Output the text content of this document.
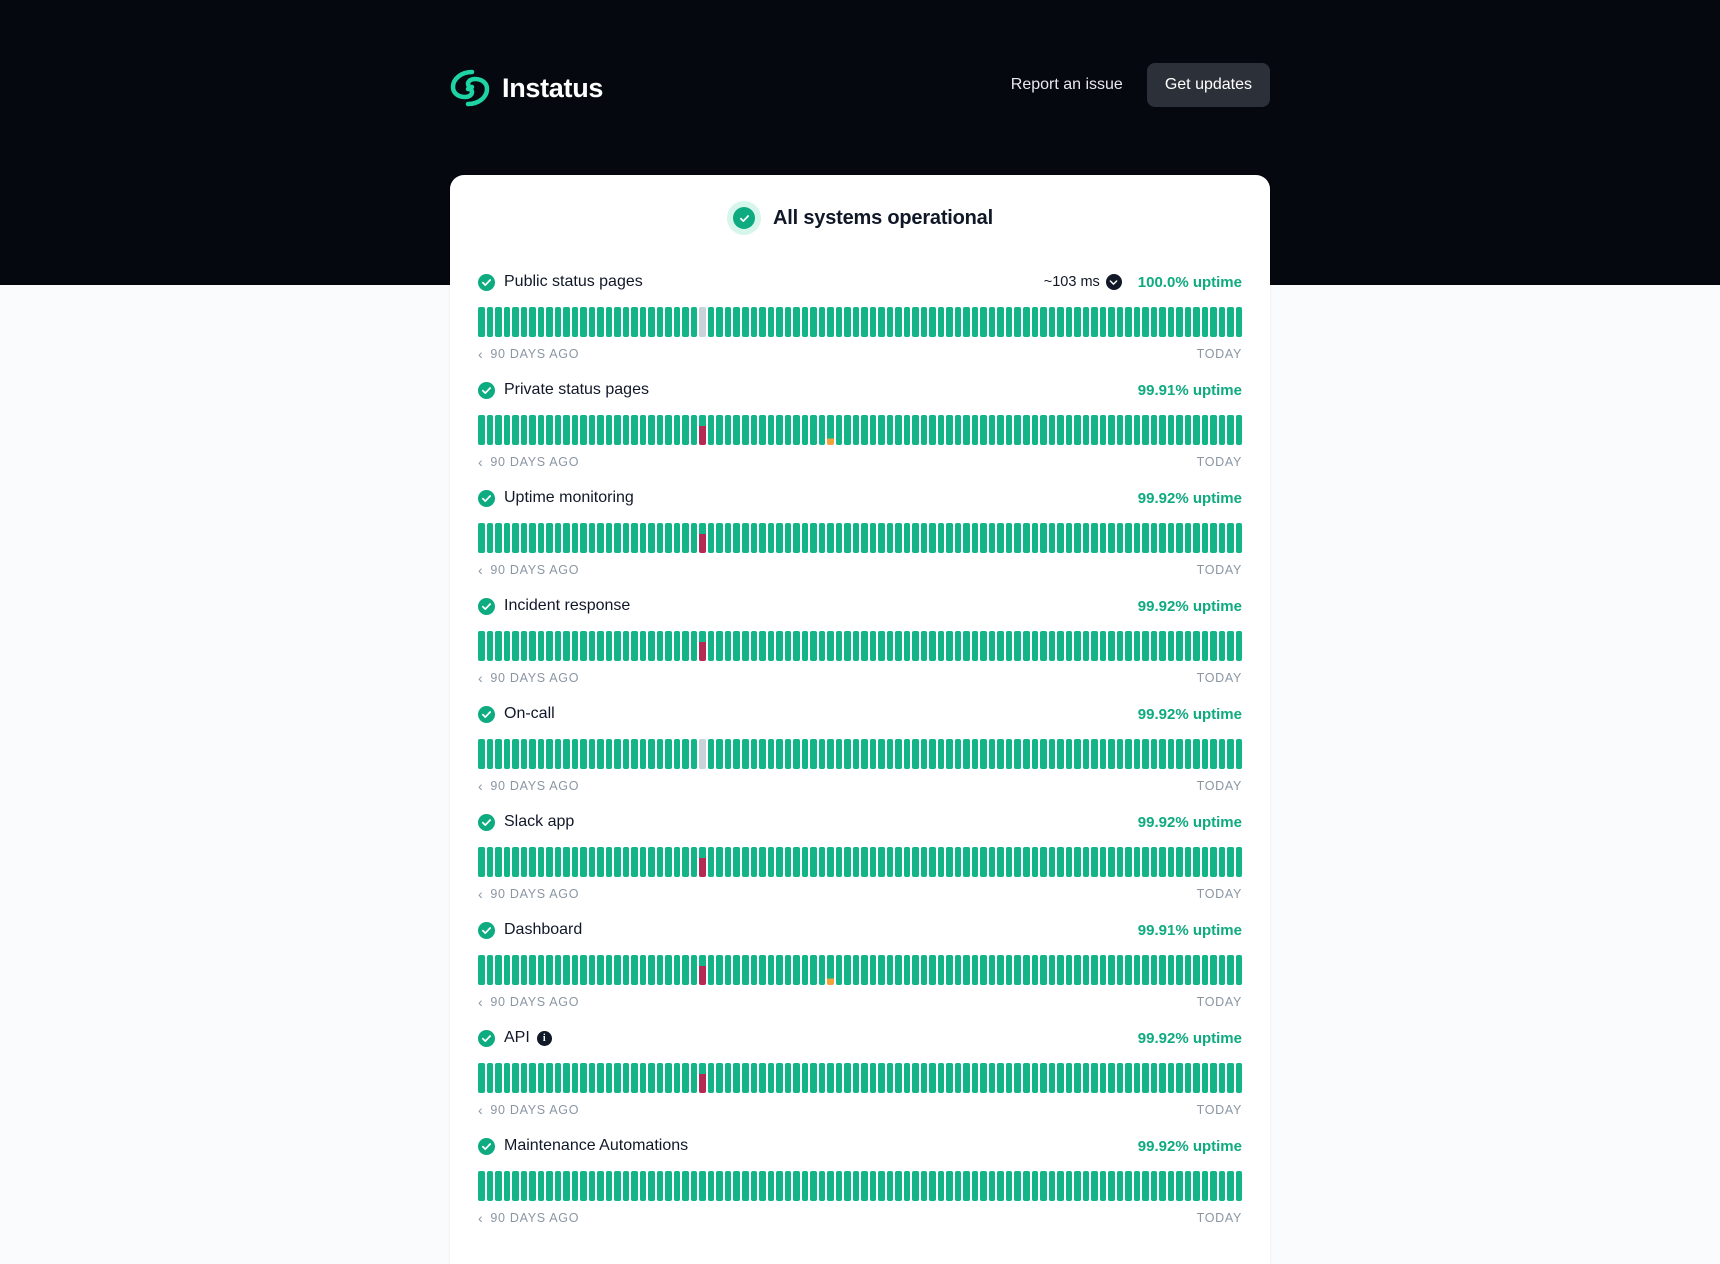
Instatus	Report an issue	Get updates
All systems operational
Public status pages	~103 ms	100.0% uptime
‹ 90 DAYS AGO	TODAY
Private status pages	99.91% uptime
‹ 90 DAYS AGO	TODAY
Uptime monitoring	99.92% uptime
‹ 90 DAYS AGO	TODAY
Incident response	99.92% uptime
‹ 90 DAYS AGO	TODAY
On-call	99.92% uptime
‹ 90 DAYS AGO	TODAY
Slack app	99.92% uptime
‹ 90 DAYS AGO	TODAY
Dashboard	99.91% uptime
‹ 90 DAYS AGO	TODAY
API	i	99.92% uptime
‹ 90 DAYS AGO	TODAY
Maintenance Automations	99.92% uptime
‹ 90 DAYS AGO	TODAY
